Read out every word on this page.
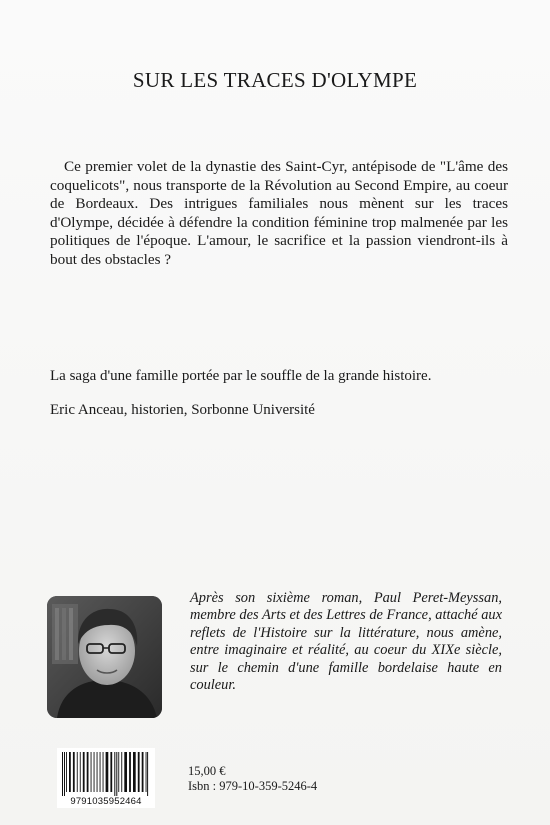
SUR LES TRACES D'OLYMPE

Ce premier volet de la dynastie des Saint-Cyr, antépisode de "L'âme des coquelicots", nous transporte de la Révolution au Second Empire, au coeur de Bordeaux. Des intrigues familiales nous mènent sur les traces d'Olympe, décidée à défendre la condition féminine trop malmenée par les politiques de l'époque. L'amour, le sacrifice et la passion viendront-ils à bout des obstacles ?

La saga d'une famille portée par le souffle de la grande histoire.

Eric Anceau, historien, Sorbonne Université

Après son sixième roman, Paul Peret-Meyssan, membre des Arts et des Lettres de France, attaché aux reflets de l'Histoire sur la littérature, nous amène, entre imaginaire et réalité, au coeur du XIXe siècle, sur le chemin d'une famille bordelaise haute en couleur.

9791035952464

15,00 €

Isbn : 979-10-359-5246-4
